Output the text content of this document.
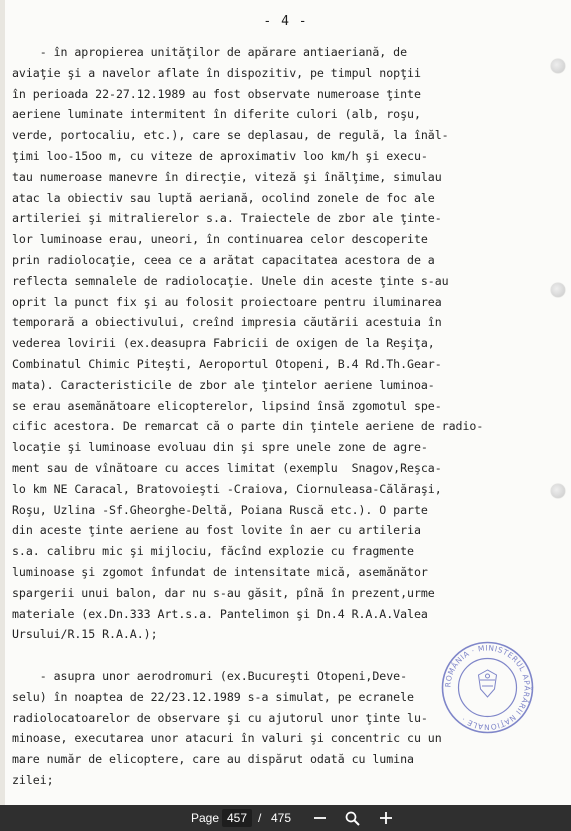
- 4 -
- în apropierea unităţilor de apărare antiaeriană, de
aviaţie şi a navelor aflate în dispozitiv, pe timpul nopţii
în perioada 22-27.12.1989 au fost observate numeroase ţinte
aeriene luminate intermitent în diferite culori (alb, roşu,
verde, portocaliu, etc.), care se deplasau, de regulă, la înăl-
ţimi loo-15oo m, cu viteze de aproximativ loo km/h şi execu-
tau numeroase manevre în direcţie, viteză şi înălţime, simulau
atac la obiectiv sau luptă aeriană, ocolind zonele de foc ale
artileriei şi mitralierelor s.a. Traiectele de zbor ale ţinte-
lor luminoase erau, uneori, în continuarea celor descoperite
prin radiolocaţie, ceea ce a arătat capacitatea acestora de a
reflecta semnalele de radiolocaţie. Unele din aceste ţinte s-au
oprit la punct fix şi au folosit proiectoare pentru iluminarea
temporară a obiectivului, creînd impresia căutării acestuia în
vederea lovirii (ex.deasupra Fabricii de oxigen de la Reşiţa,
Combinatul Chimic Piteşti, Aeroportul Otopeni, B.4 Rd.Th.Gear-
mata). Caracteristicile de zbor ale ţintelor aeriene luminoa-
se erau asemănătoare elicopterelor, lipsind însă zgomotul spe-
cific acestora. De remarcat că o parte din ţintele aeriene de radio-
locaţie şi luminoase evoluau din şi spre unele zone de agre-
ment sau de vînătoare cu acces limitat (exemplu  Snagov,Reşca-
lo km NE Caracal, Bratovoieşti -Craiova, Ciornuleasa-Călăraşi,
Roşu, Uzlina -Sf.Gheorghe-Deltă, Poiana Ruscă etc.). O parte
din aceste ţinte aeriene au fost lovite în aer cu artileria
s.a. calibru mic şi mijlociu, făcînd explozie cu fragmente
luminoase şi zgomot înfundat de intensitate mică, asemănător
spargerii unui balon, dar nu s-au găsit, pînă în prezent,urme
materiale (ex.Dn.333 Art.s.a. Pantelimon şi Dn.4 R.A.A.Valea
Ursului/R.15 R.A.A.);
- asupra unor aerodromuri (ex.Bucureşti Otopeni,Deve-
selu) în noaptea de 22/23.12.1989 s-a simulat, pe ecranele
radiolocatoarelor de observare şi cu ajutorul unor ţinte lu-
minoase, executarea unor atacuri în valuri şi concentric cu un
mare număr de elicoptere, care au dispărut odată cu lumina
zilei;
ROMÂNIA · MINISTERUL APĂRĂRII NAŢIONALE ·
Page 457 / 475
